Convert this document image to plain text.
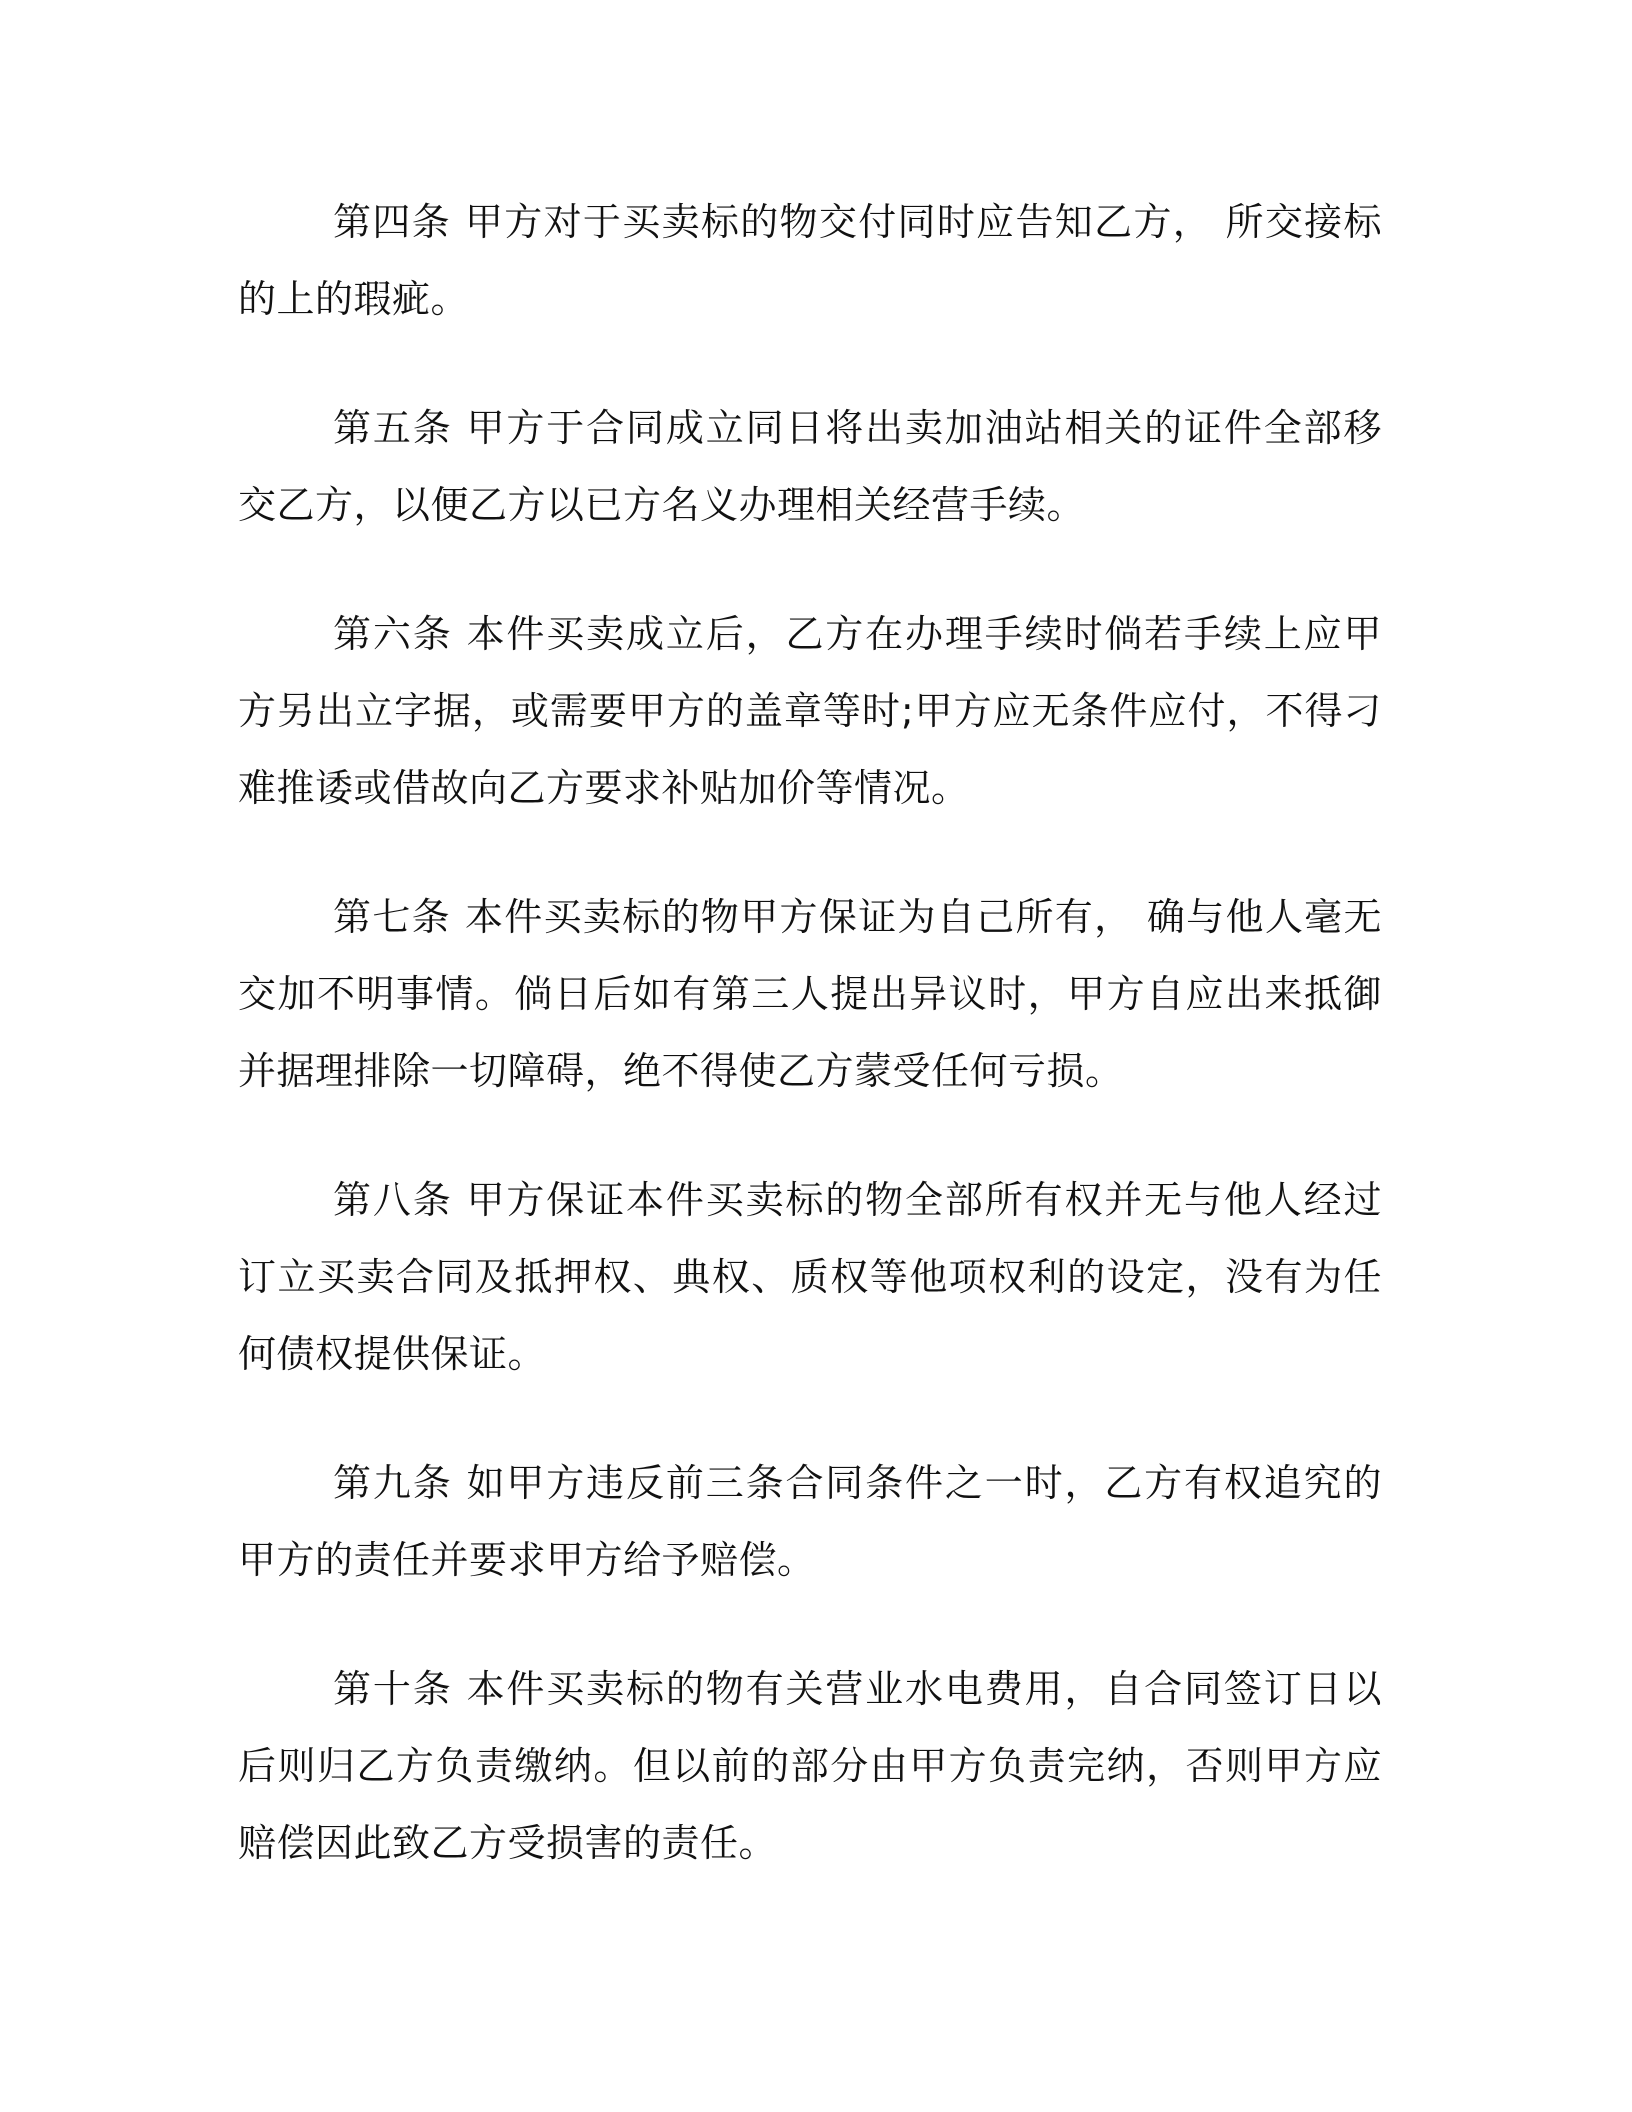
第四条 甲方对于买卖标的物交付同时应告知乙方， 所交接标的上的瑕疵。

第五条 甲方于合同成立同日将出卖加油站相关的证件全部移交乙方，以便乙方以已方名义办理相关经营手续。

第六条 本件买卖成立后，乙方在办理手续时倘若手续上应甲方另出立字据，或需要甲方的盖章等时;甲方应无条件应付，不得刁难推诿或借故向乙方要求补贴加价等情况。

第七条 本件买卖标的物甲方保证为自己所有， 确与他人毫无交加不明事情。倘日后如有第三人提出异议时，甲方自应出来抵御并据理排除一切障碍，绝不得使乙方蒙受任何亏损。

第八条 甲方保证本件买卖标的物全部所有权并无与他人经过订立买卖合同及抵押权、典权、质权等他项权利的设定，没有为任何债权提供保证。

第九条 如甲方违反前三条合同条件之一时，乙方有权追究的甲方的责任并要求甲方给予赔偿。

第十条 本件买卖标的物有关营业水电费用，自合同签订日以后则归乙方负责缴纳。但以前的部分由甲方负责完纳，否则甲方应赔偿因此致乙方受损害的责任。
